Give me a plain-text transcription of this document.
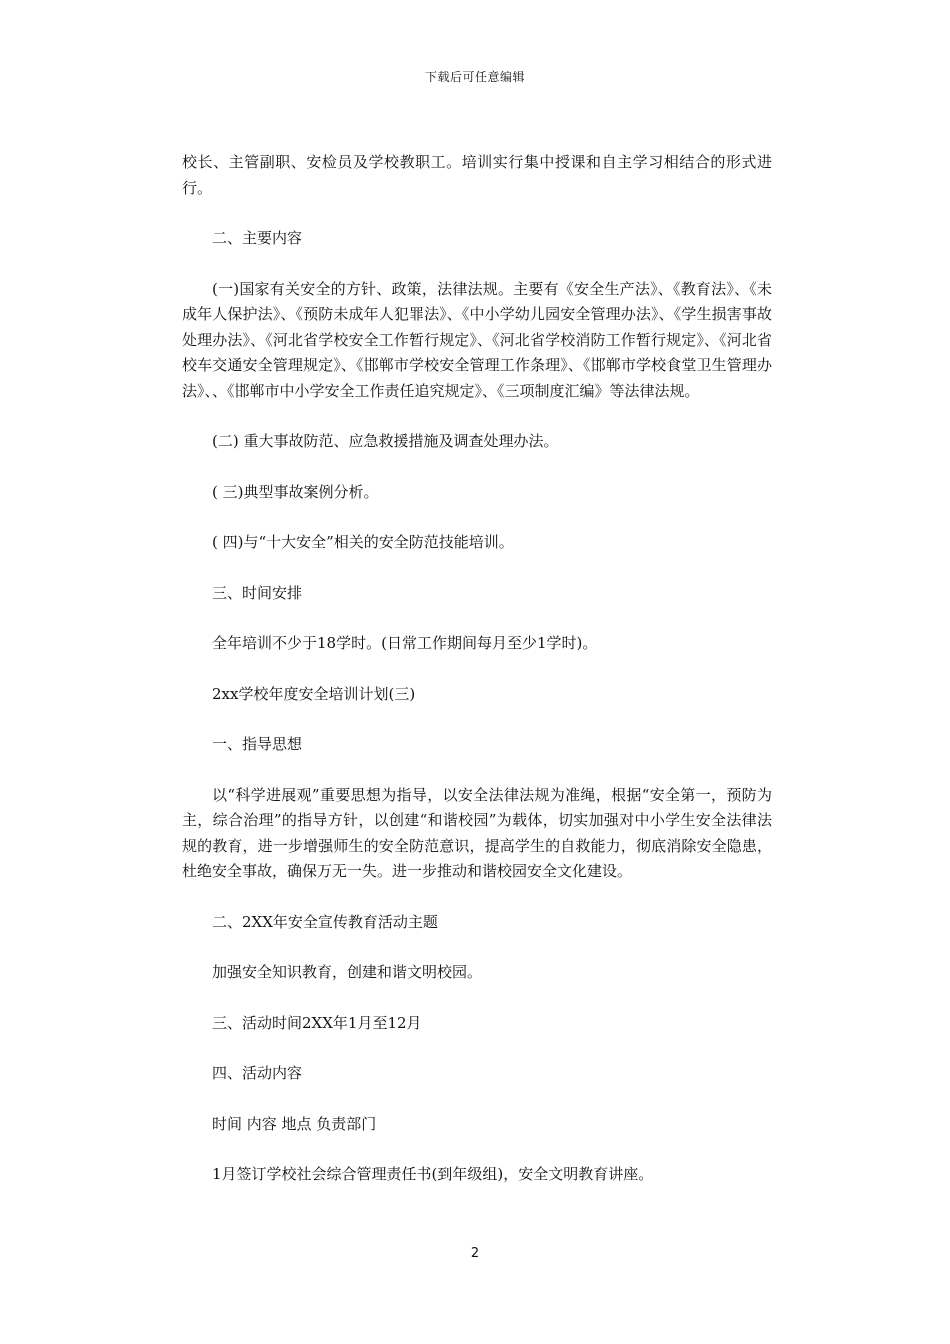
下载后可任意编辑

校长、主管副职、安检员及学校教职工。培训实行集中授课和自主学习相结合的形式进行。

二、主要内容

(一)国家有关安全的方针、政策，法律法规。主要有《安全生产法》、《教育法》、《未成年人保护法》、《预防未成年人犯罪法》、《中小学幼儿园安全管理办法》、《学生损害事故处理办法》、《河北省学校安全工作暂行规定》、《河北省学校消防工作暂行规定》、《河北省校车交通安全管理规定》、《邯郸市学校安全管理工作条理》、《邯郸市学校食堂卫生管理办法》、、《邯郸市中小学安全工作责任追究规定》、《三项制度汇编》等法律法规。

(二) 重大事故防范、应急救援措施及调查处理办法。

( 三)典型事故案例分析。

( 四)与“十大安全”相关的安全防范技能培训。

三、时间安排

全年培训不少于18学时。(日常工作期间每月至少1学时)。

2xx学校年度安全培训计划(三)

一、指导思想

以“科学进展观”重要思想为指导，以安全法律法规为准绳，根据“安全第一，预防为主，综合治理”的指导方针，以创建“和谐校园”为载体，切实加强对中小学生安全法律法规的教育，进一步增强师生的安全防范意识，提高学生的自救能力，彻底消除安全隐患，杜绝安全事故，确保万无一失。进一步推动和谐校园安全文化建设。

二、2XX年安全宣传教育活动主题

加强安全知识教育，创建和谐文明校园。

三、活动时间2XX年1月至12月

四、活动内容

时间 内容 地点 负责部门

1月签订学校社会综合管理责任书(到年级组)，安全文明教育讲座。

2
